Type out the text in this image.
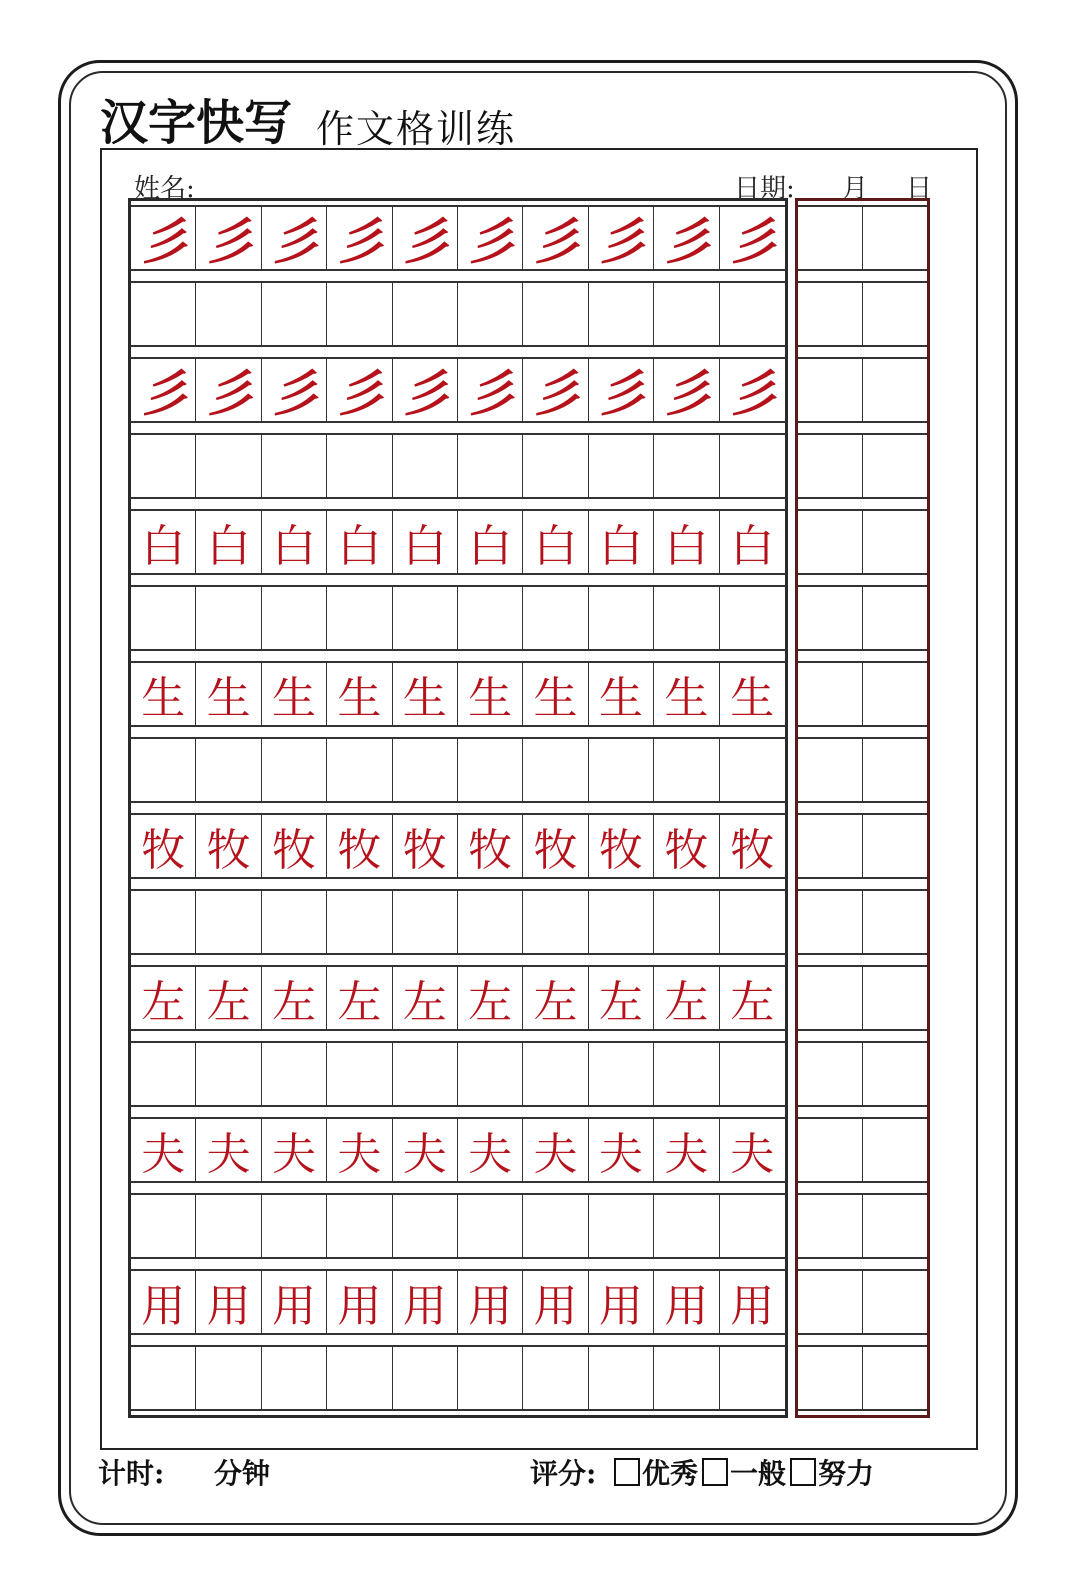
汉字快写 作文格训练
姓名:	日期: 月 日
彡 彡 彡 彡 彡 彡 彡 彡 彡 彡
彡 彡 彡 彡 彡 彡 彡 彡 彡 彡
白 白 白 白 白 白 白 白 白 白
生 生 生 生 生 生 生 生 生 生
牧 牧 牧 牧 牧 牧 牧 牧 牧 牧
左 左 左 左 左 左 左 左 左 左
夫 夫 夫 夫 夫 夫 夫 夫 夫 夫
用 用 用 用 用 用 用 用 用 用
计时: 分钟	评分: 优秀 一般 努力
